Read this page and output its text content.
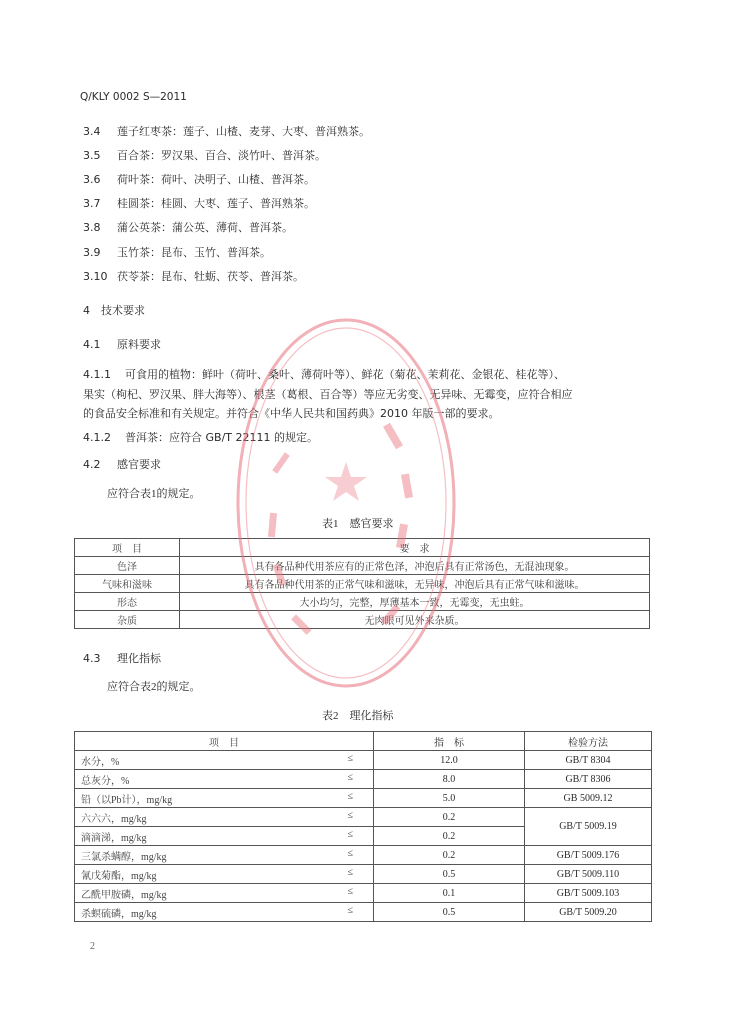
Q/KLY 0002 S—2011
3.4 莲子红枣茶：莲子、山楂、麦芽、大枣、普洱熟茶。
3.5 百合茶：罗汉果、百合、淡竹叶、普洱茶。
3.6 荷叶茶：荷叶、决明子、山楂、普洱茶。
3.7 桂圆茶：桂圆、大枣、莲子、普洱熟茶。
3.8 蒲公英茶：蒲公英、薄荷、普洱茶。
3.9 玉竹茶：昆布、玉竹、普洱茶。
3.10 茯苓茶：昆布、牡蛎、茯苓、普洱茶。
4 技术要求
4.1 原料要求
4.1.1 可食用的植物：鲜叶（荷叶、桑叶、薄荷叶等）、鲜花（菊花、茉莉花、金银花、桂花等）、
果实（枸杞、罗汉果、胖大海等）、根茎（葛根、百合等）等应无劣变、无异味、无霉变，应符合相应
的食品安全标准和有关规定。并符合《中华人民共和国药典》2010 年版一部的要求。
4.1.2 普洱茶：应符合 GB/T 22111 的规定。
4.2 感官要求
应符合表1的规定。
表1　感官要求
项　目	要　求
色泽	具有各品种代用茶应有的正常色泽，冲泡后具有正常汤色，无混浊现象。
气味和滋味	具有各品种代用茶的正常气味和滋味，无异味，冲泡后具有正常气味和滋味。
形态	大小均匀，完整，厚薄基本一致，无霉变，无虫蛀。
杂质	无肉眼可见外来杂质。
4.3 理化指标
应符合表2的规定。
表2　理化指标
项　目	指　标	检验方法
水分，% ≤	12.0	GB/T 8304
总灰分，% ≤	8.0	GB/T 8306
铅（以Pb计），mg/kg ≤	5.0	GB 5009.12
六六六，mg/kg ≤	0.2	GB/T 5009.19
滴滴涕，mg/kg ≤	0.2	
三氯杀螨醇，mg/kg ≤	0.2	GB/T 5009.176
氰戊菊酯，mg/kg ≤	0.5	GB/T 5009.110
乙酰甲胺磷，mg/kg ≤	0.1	GB/T 5009.103
杀螟硫磷，mg/kg ≤	0.5	GB/T 5009.20
2
